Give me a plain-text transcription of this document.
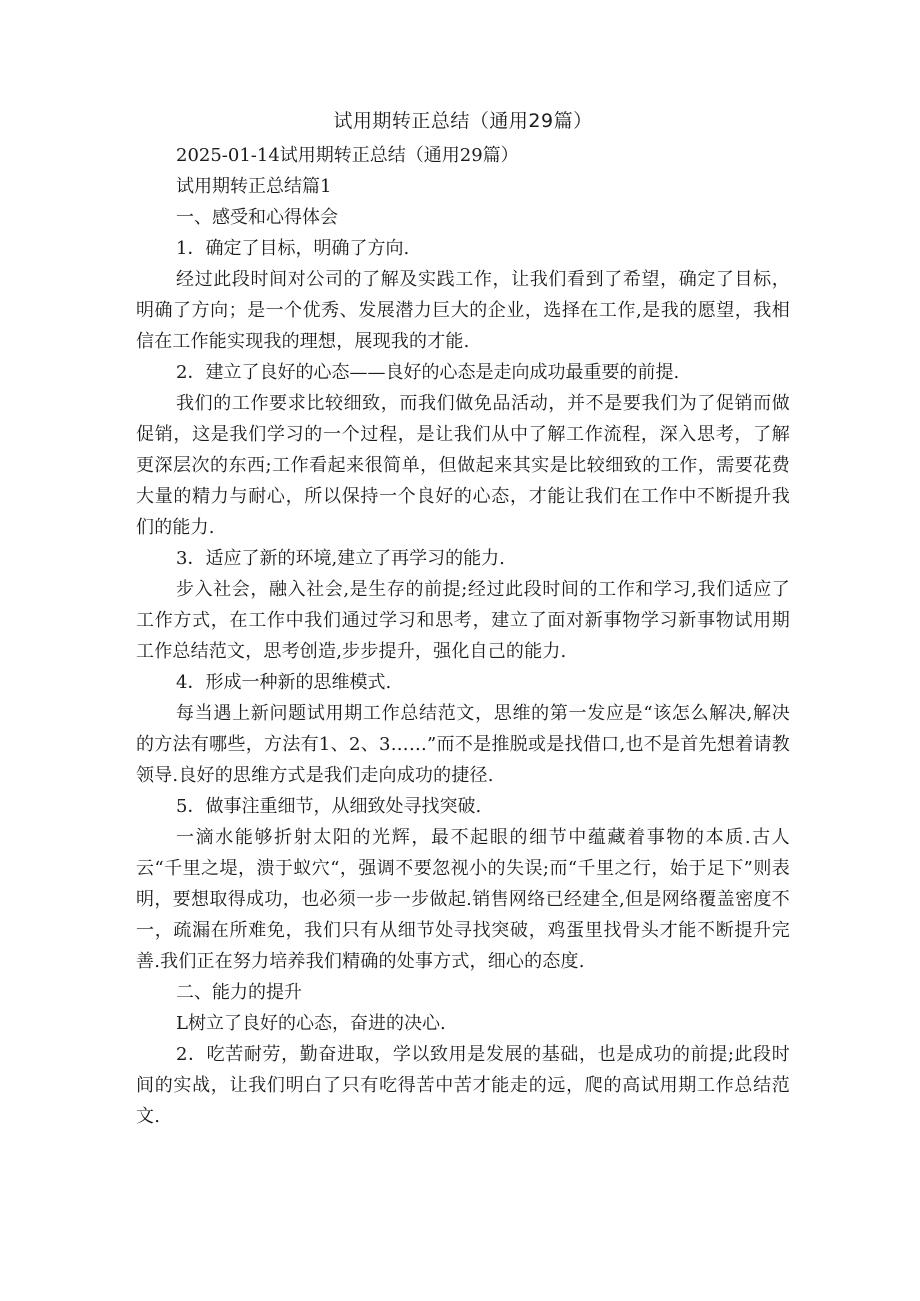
试用期转正总结（通用29篇）

2025-01-14试用期转正总结（通用29篇）

试用期转正总结篇1

一、感受和心得体会

1．确定了目标，明确了方向.

经过此段时间对公司的了解及实践工作，让我们看到了希望，确定了目标，明确了方向；是一个优秀、发展潜力巨大的企业，选择在工作,是我的愿望，我相信在工作能实现我的理想，展现我的才能.

2．建立了良好的心态——良好的心态是走向成功最重要的前提.

我们的工作要求比较细致，而我们做免品活动，并不是要我们为了促销而做促销，这是我们学习的一个过程，是让我们从中了解工作流程，深入思考，了解更深层次的东西;工作看起来很简单，但做起来其实是比较细致的工作，需要花费大量的精力与耐心，所以保持一个良好的心态，才能让我们在工作中不断提升我们的能力.

3．适应了新的环境,建立了再学习的能力.

步入社会，融入社会,是生存的前提;经过此段时间的工作和学习,我们适应了工作方式，在工作中我们通过学习和思考，建立了面对新事物学习新事物试用期工作总结范文，思考创造,步步提升，强化自己的能力.

4．形成一种新的思维模式.

每当遇上新问题试用期工作总结范文，思维的第一发应是“该怎么解决,解决的方法有哪些，方法有1、2、3……”而不是推脱或是找借口,也不是首先想着请教领导.良好的思维方式是我们走向成功的捷径.

5．做事注重细节，从细致处寻找突破.

一滴水能够折射太阳的光辉，最不起眼的细节中蕴藏着事物的本质.古人云“千里之堤，溃于蚁穴“，强调不要忽视小的失误;而“千里之行，始于足下”则表明，要想取得成功，也必须一步一步做起.销售网络已经建全,但是网络覆盖密度不一，疏漏在所难免，我们只有从细节处寻找突破，鸡蛋里找骨头才能不断提升完善.我们正在努力培养我们精确的处事方式，细心的态度.

二、能力的提升

L树立了良好的心态，奋进的决心.

2．吃苦耐劳，勤奋进取，学以致用是发展的基础，也是成功的前提;此段时间的实战，让我们明白了只有吃得苦中苦才能走的远，爬的高试用期工作总结范文.
